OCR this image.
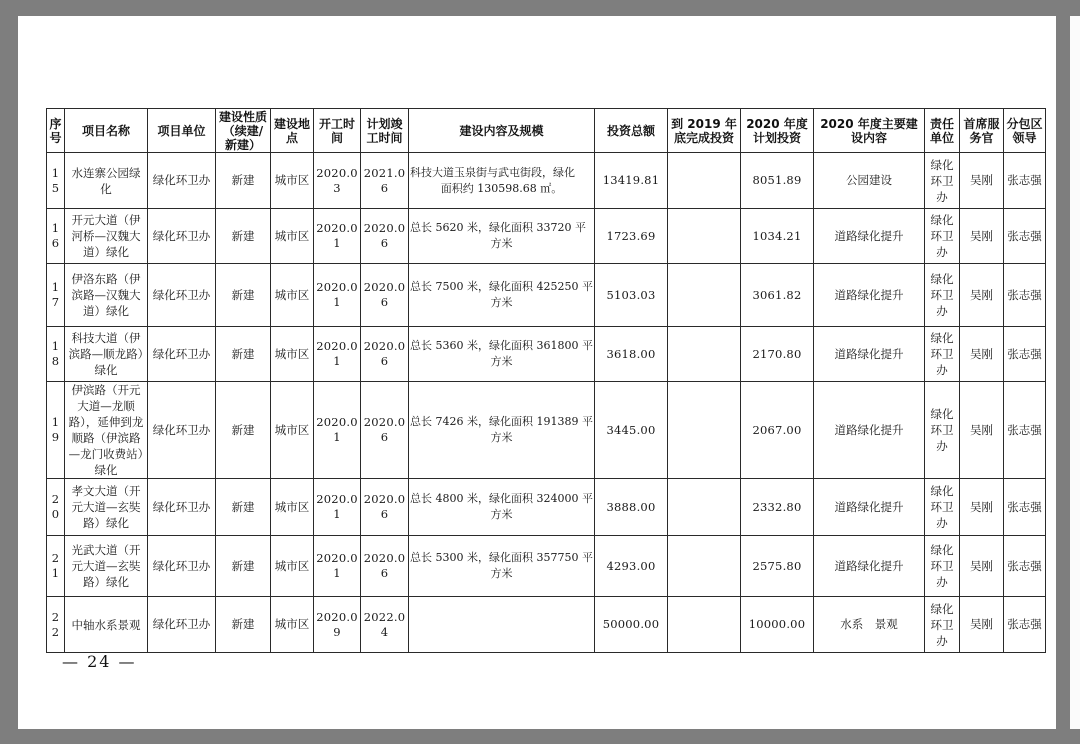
序号	项目名称	项目单位	建设性质（续建/新建）	建设地点	开工时间	计划竣工时间	建设内容及规模	投资总额	到 2019 年底完成投资	2020 年度计划投资	2020 年度主要建设内容	责任单位	首席服务官	分包区领导
15	水连寨公园绿化	绿化环卫办	新建	城市区	2020.03	2021.06	科技大道玉泉街与武屯街段，绿化
面积约 130598.68 ㎡。	13419.81		8051.89	公园建设	绿化环卫办	吴刚	张志强
16	开元大道（伊河桥—汉魏大道）绿化	绿化环卫办	新建	城市区	2020.01	2020.06	总长 5620 米，绿化面积 33720 平
方米	1723.69		1034.21	道路绿化提升	绿化环卫办	吴刚	张志强
17	伊洛东路（伊滨路—汉魏大道）绿化	绿化环卫办	新建	城市区	2020.01	2020.06	总长 7500 米，绿化面积 425250 平
方米	5103.03		3061.82	道路绿化提升	绿化环卫办	吴刚	张志强
18	科技大道（伊滨路—顺龙路）绿化	绿化环卫办	新建	城市区	2020.01	2020.06	总长 5360 米，绿化面积 361800 平
方米	3618.00		2170.80	道路绿化提升	绿化环卫办	吴刚	张志强
19	伊滨路（开元大道—龙顺路），延伸到龙顺路（伊滨路—龙门收费站）绿化	绿化环卫办	新建	城市区	2020.01	2020.06	总长 7426 米，绿化面积 191389 平
方米	3445.00		2067.00	道路绿化提升	绿化环卫办	吴刚	张志强
20	孝文大道（开元大道—玄奘路）绿化	绿化环卫办	新建	城市区	2020.01	2020.06	总长 4800 米，绿化面积 324000 平
方米	3888.00		2332.80	道路绿化提升	绿化环卫办	吴刚	张志强
21	光武大道（开元大道—玄奘路）绿化	绿化环卫办	新建	城市区	2020.01	2020.06	总长 5300 米，绿化面积 357750 平
方米	4293.00		2575.80	道路绿化提升	绿化环卫办	吴刚	张志强
22	中轴水系景观	绿化环卫办	新建	城市区	2020.09	2022.04		50000.00		10000.00	水系　景观	绿化环卫办	吴刚	张志强
— 24 —
